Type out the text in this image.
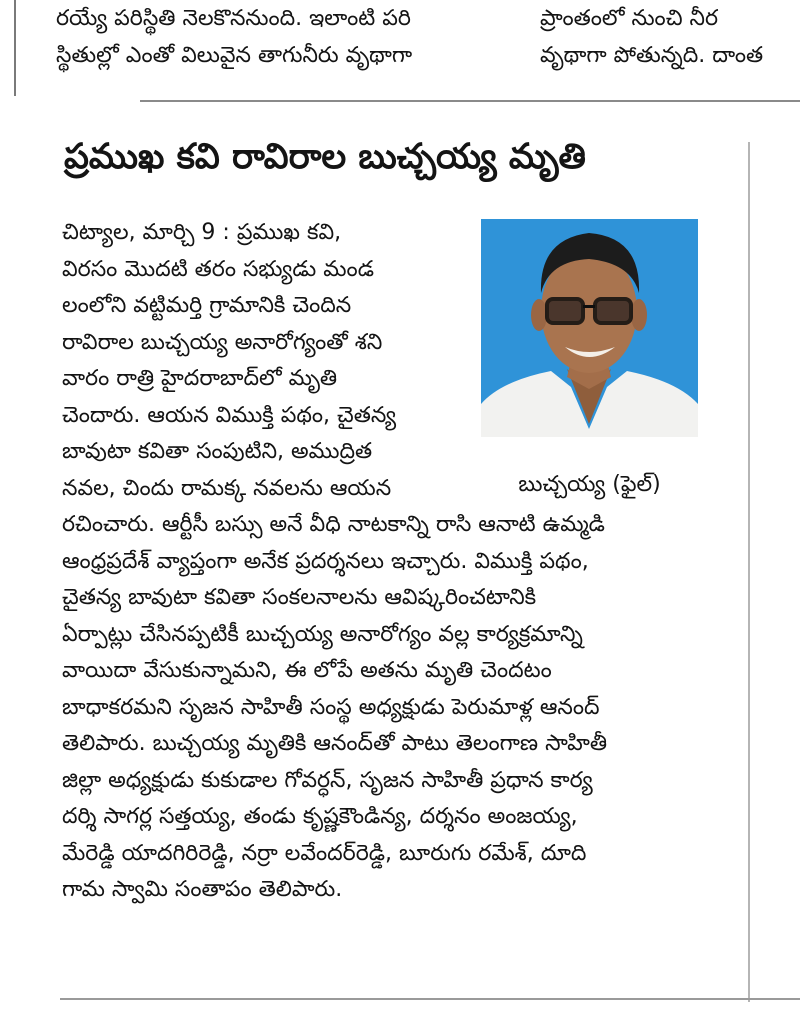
రయ్యే పరిస్థితి నెలకొననుంది. ఇలాంటి పరి
స్థితుల్లో ఎంతో విలువైన తాగునీరు వృథాగా
ప్రాంతంలో నుంచి నీర
వృథాగా పోతున్నది. దాంత
ప్రముఖ కవి రావిరాల బుచ్చయ్య మృతి
చిట్యాల, మార్చి 9 : ప్రముఖ కవి,
విరసం మొదటి తరం సభ్యుడు మండ
లంలోని వట్టిమర్తి గ్రామానికి చెందిన
రావిరాల బుచ్చయ్య అనారోగ్యంతో శని
వారం రాత్రి హైదరాబాద్‌లో మృతి
చెందారు. ఆయన విముక్తి పథం, చైతన్య
బావుటా కవితా సంపుటిని, అముద్రిత
నవల, చిందు రామక్క నవలను ఆయన
రచించారు. ఆర్టీసీ బస్సు అనే వీధి నాటకాన్ని రాసి ఆనాటి ఉమ్మడి
ఆంధ్రప్రదేశ్ వ్యాప్తంగా అనేక ప్రదర్శనలు ఇచ్చారు. విముక్తి పథం,
చైతన్య బావుటా కవితా సంకలనాలను ఆవిష్కరించటానికి
ఏర్పాట్లు చేసినప్పటికీ బుచ్చయ్య అనారోగ్యం వల్ల కార్యక్రమాన్ని
వాయిదా వేసుకున్నామని, ఈ లోపే అతను మృతి చెందటం
బాధాకరమని సృజన సాహితీ సంస్థ అధ్యక్షుడు పెరుమాళ్ల ఆనంద్
తెలిపారు. బుచ్చయ్య మృతికి ఆనంద్‌తో పాటు తెలంగాణ సాహితీ
జిల్లా అధ్యక్షుడు కుకుడాల గోవర్ధన్, సృజన సాహితీ ప్రధాన కార్య
దర్శి సాగర్ల సత్తయ్య, తండు కృష్ణకౌండిన్య, దర్శనం అంజయ్య,
మేరెడ్డి యాదగిరిరెడ్డి, నర్రా లవేందర్‌రెడ్డి, బూరుగు రమేశ్, దూది
గామ స్వామి సంతాపం తెలిపారు.
బుచ్చయ్య (ఫైల్)
